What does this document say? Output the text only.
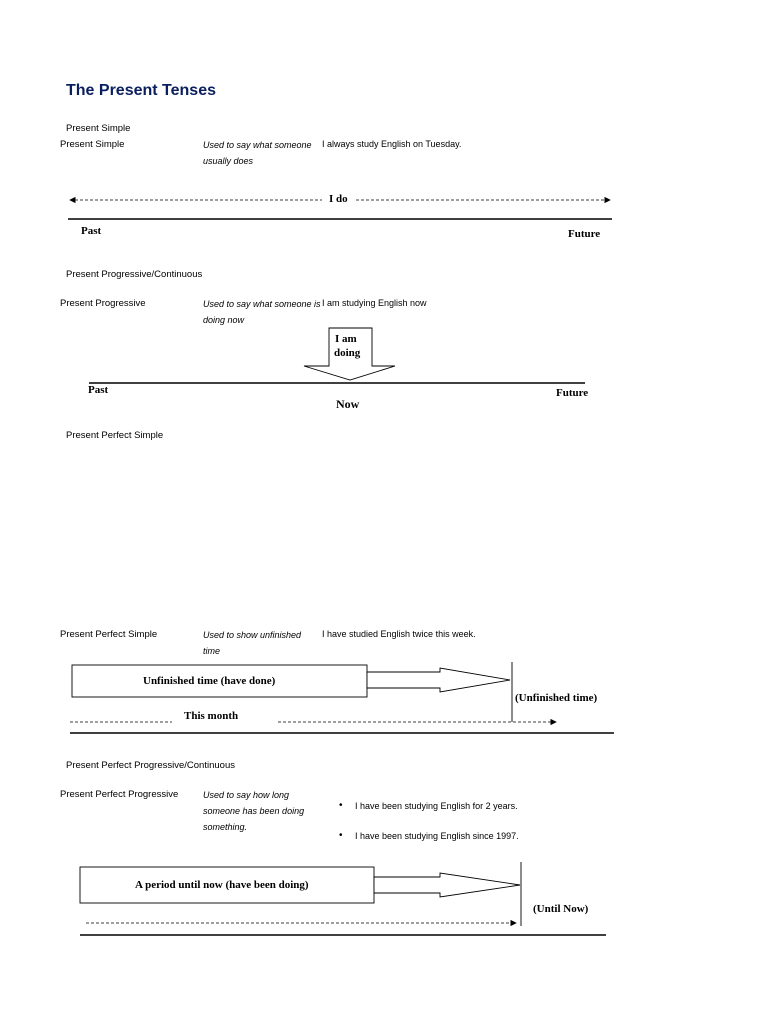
The Present Tenses
Present Simple
Present Simple	Used to say what someone usually does
I always study English on Tuesday.
I do
Past	Future
Present Progressive/Continuous
Present Progressive	Used to say what someone is doing now
I am studying English now
I am
doing
Past
Now
Future
Present Perfect Simple
Present Perfect Simple	Used to show unfinished time
I have studied English twice this week.
Unfinished time (have done)
(Unfinished time)
This month
Present Perfect Progressive/Continuous
Present Perfect Progressive	Used to say how long someone has been doing something.
• I have been studying English for 2 years.
• I have been studying English since 1997.
A period until now (have been doing)
(Until Now)
